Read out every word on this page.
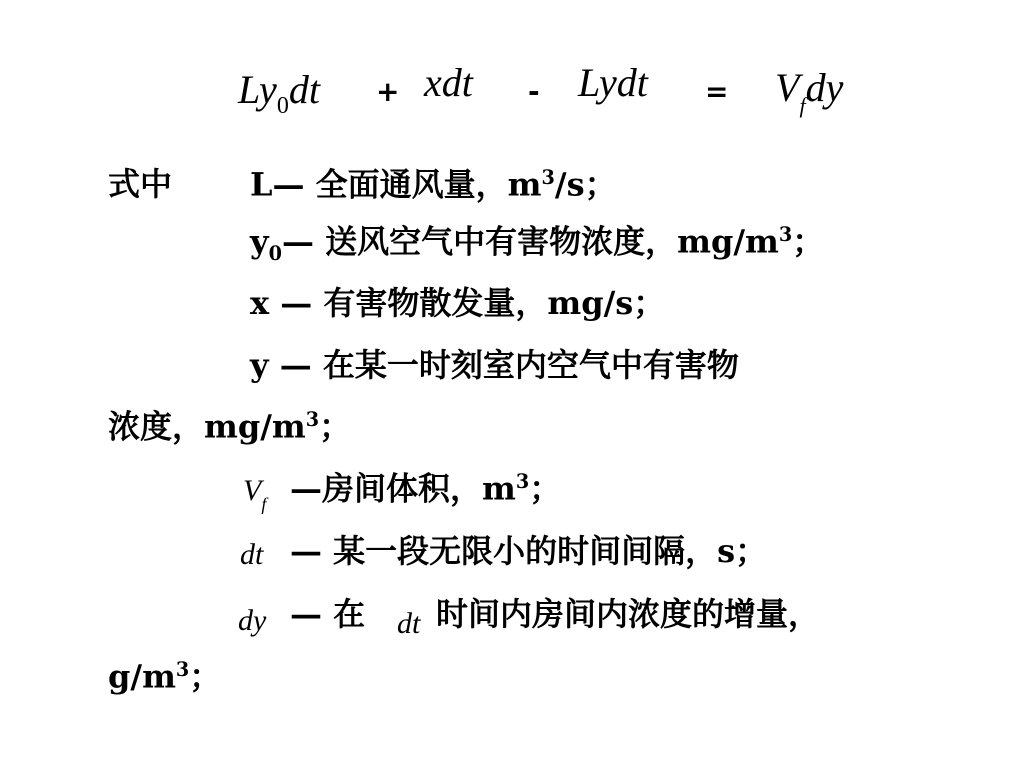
$Ly_0dt$ + xdt - Lydt = $V_fdy$
式中 L— 全面通风量，$m^3/s$；
$y_0—$ 送风空气中有害物浓度，$mg/m^3$；
x — 有害物散发量，mg/s；
y — 在某一时刻室内空气中有害物
浓度，$mg/m^3$；
$V_f$ —房间体积，$m^3$；
dt — 某一段无限小的时间间隔，s；
dy — 在 dt 时间内房间内浓度的增量，
$g/m^3$；
